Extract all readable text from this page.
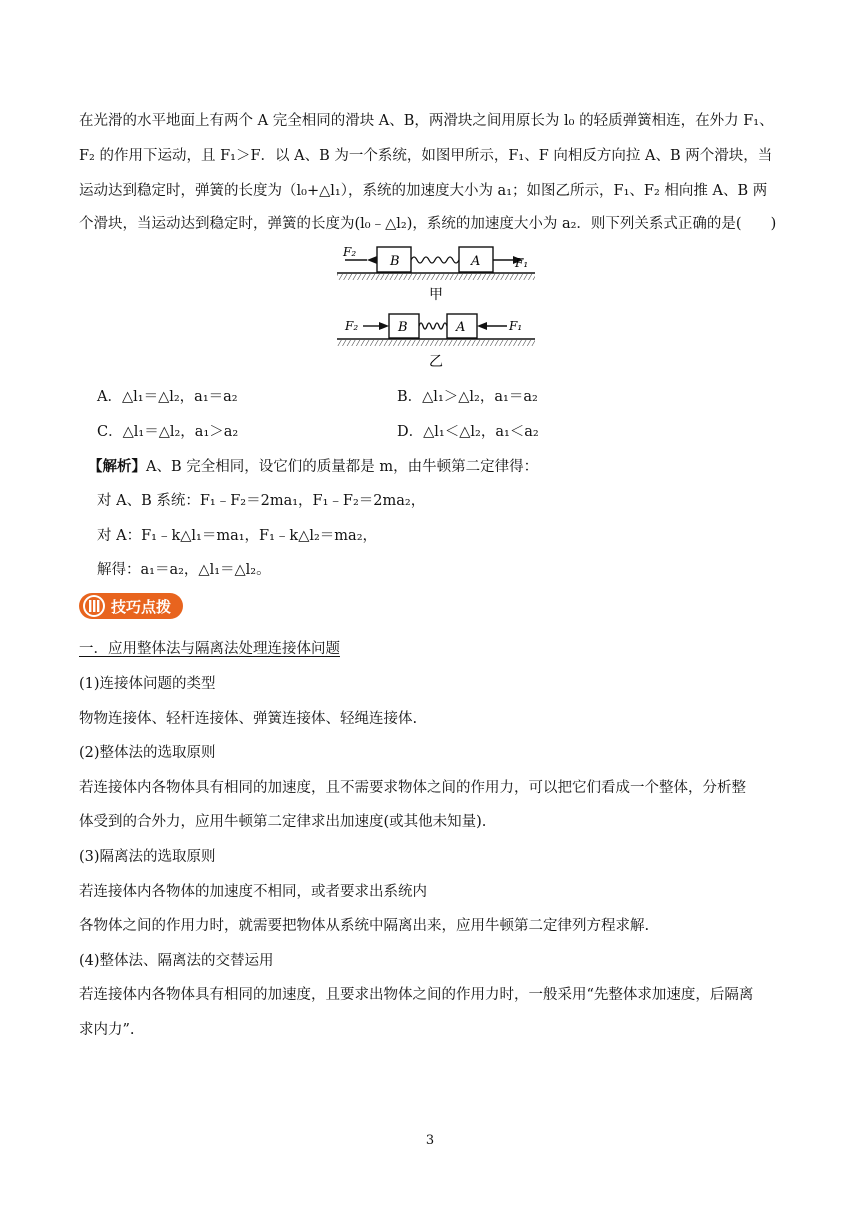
在光滑的水平地面上有两个 A 完全相同的滑块 A、B，两滑块之间用原长为 l₀ 的轻质弹簧相连，在外力 F₁、
F₂ 的作用下运动，且 F₁＞F．以 A、B 为一个系统，如图甲所示，F₁、F 向相反方向拉 A、B 两个滑块，当
运动达到稳定时，弹簧的长度为（l₀+△l₁），系统的加速度大小为 a₁；如图乙所示，F₁、F₂ 相向推 A、B 两
个滑块，当运动达到稳定时，弹簧的长度为(l₀﹣△l₂)，系统的加速度大小为 a₂．则下列关系式正确的是(　　)
F₂
B	A	F₁
甲
F₂	B	A	F₁
乙
A．△l₁＝△l₂，a₁＝a₂	B．△l₁＞△l₂，a₁＝a₂
C．△l₁＝△l₂，a₁＞a₂	D．△l₁＜△l₂，a₁＜a₂
【解析】A、B 完全相同，设它们的质量都是 m，由牛顿第二定律得：
对 A、B 系统：F₁﹣F₂＝2ma₁，F₁﹣F₂＝2ma₂，
对 A：F₁﹣k△l₁＝ma₁，F₁﹣k△l₂＝ma₂，
解得：a₁＝a₂，△l₁＝△l₂。
技巧点拨
一．应用整体法与隔离法处理连接体问题
(1)连接体问题的类型
物物连接体、轻杆连接体、弹簧连接体、轻绳连接体.
(2)整体法的选取原则
若连接体内各物体具有相同的加速度，且不需要求物体之间的作用力，可以把它们看成一个整体，分析整
体受到的合外力，应用牛顿第二定律求出加速度(或其他未知量).
(3)隔离法的选取原则
若连接体内各物体的加速度不相同，或者要求出系统内
各物体之间的作用力时，就需要把物体从系统中隔离出来，应用牛顿第二定律列方程求解.
(4)整体法、隔离法的交替运用
若连接体内各物体具有相同的加速度，且要求出物体之间的作用力时，一般采用“先整体求加速度，后隔离
求内力”.
3
